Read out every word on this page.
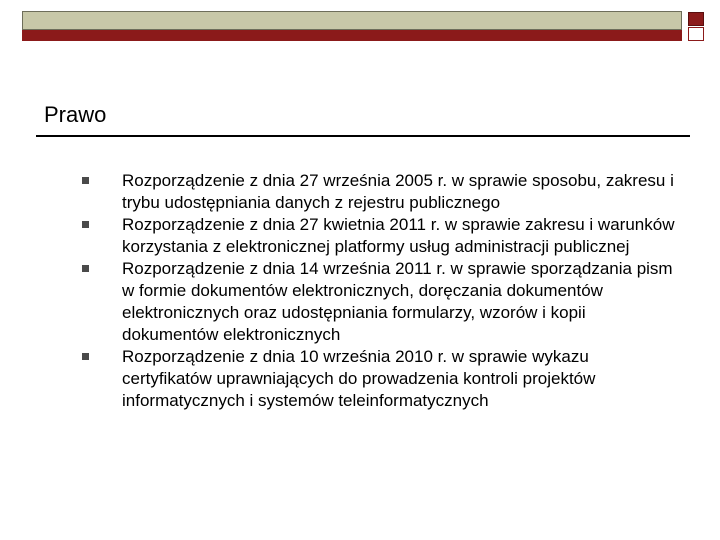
Prawo
Rozporządzenie z dnia 27 września 2005 r. w sprawie sposobu, zakresu i trybu udostępniania danych z rejestru publicznego
Rozporządzenie z dnia 27 kwietnia 2011 r. w sprawie zakresu i warunków korzystania z elektronicznej platformy usług administracji publicznej
Rozporządzenie z dnia 14 września 2011 r. w sprawie sporządzania pism w formie dokumentów elektronicznych, doręczania dokumentów elektronicznych oraz udostępniania formularzy, wzorów i kopii dokumentów elektronicznych
Rozporządzenie z dnia 10 września 2010 r. w sprawie wykazu certyfikatów uprawniających do prowadzenia kontroli projektów informatycznych i systemów teleinformatycznych
